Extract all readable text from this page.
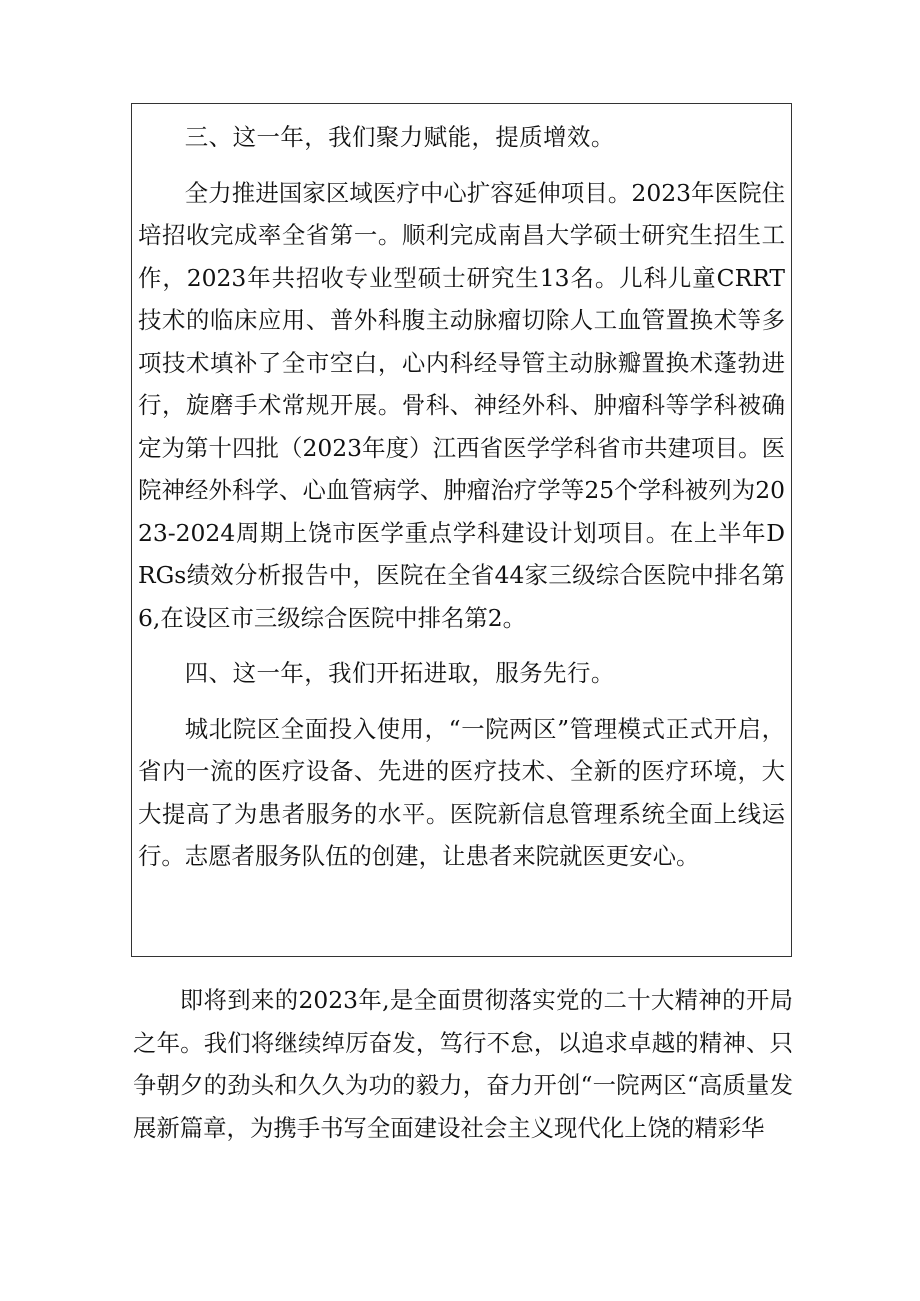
三、这一年，我们聚力赋能，提质增效。

全力推进国家区域医疗中心扩容延伸项目。2023年医院住培招收完成率全省第一。顺利完成南昌大学硕士研究生招生工作，2023年共招收专业型硕士研究生13名。儿科儿童CRRT技术的临床应用、普外科腹主动脉瘤切除人工血管置换术等多项技术填补了全市空白，心内科经导管主动脉瓣置换术蓬勃进行，旋磨手术常规开展。骨科、神经外科、肿瘤科等学科被确定为第十四批（2023年度）江西省医学学科省市共建项目。医院神经外科学、心血管病学、肿瘤治疗学等25个学科被列为2023-2024周期上饶市医学重点学科建设计划项目。在上半年DRGs绩效分析报告中，医院在全省44家三级综合医院中排名第6,在设区市三级综合医院中排名第2。

四、这一年，我们开拓进取，服务先行。

城北院区全面投入使用，“一院两区”管理模式正式开启，省内一流的医疗设备、先进的医疗技术、全新的医疗环境，大大提高了为患者服务的水平。医院新信息管理系统全面上线运行。志愿者服务队伍的创建，让患者来院就医更安心。

即将到来的2023年,是全面贯彻落实党的二十大精神的开局之年。我们将继续绰厉奋发，笃行不怠，以追求卓越的精神、只争朝夕的劲头和久久为功的毅力，奋力开创“一院两区“高质量发展新篇章，为携手书写全面建设社会主义现代化上饶的精彩华
